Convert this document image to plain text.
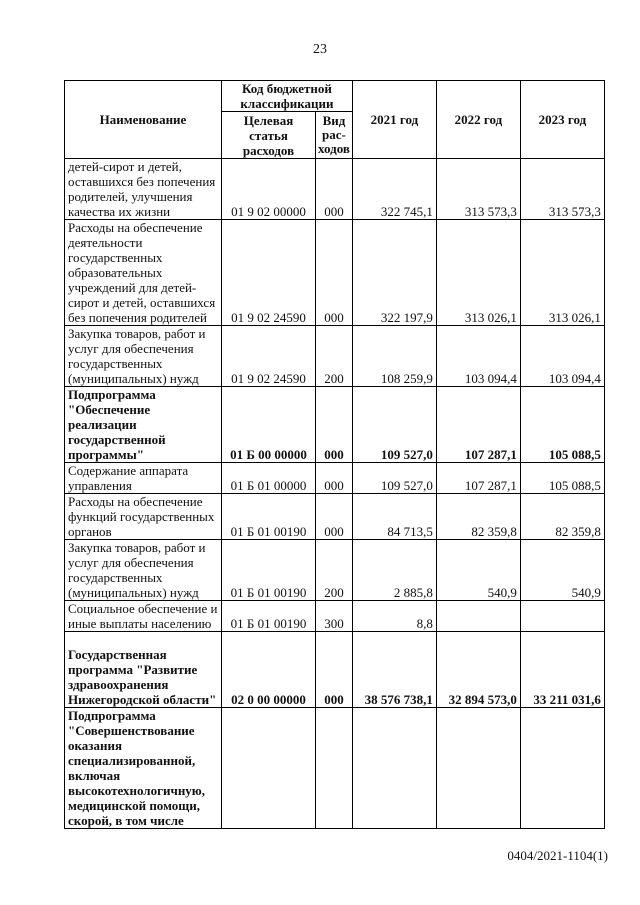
23
Наименование	Код бюджетной классификации		2021 год	2022 год	2023 год
	Целевая статья расходов	Вид рас-ходов			
детей-сирот и детей, оставшихся без попечения родителей, улучшения качества их жизни	01 9 02 00000	000	322 745,1	313 573,3	313 573,3
Расходы на обеспечение деятельности государственных образовательных учреждений для детей-сирот и детей, оставшихся без попечения родителей	01 9 02 24590	000	322 197,9	313 026,1	313 026,1
Закупка товаров, работ и услуг для обеспечения государственных (муниципальных) нужд	01 9 02 24590	200	108 259,9	103 094,4	103 094,4
Подпрограмма "Обеспечение реализации государственной программы"	01 Б 00 00000	000	109 527,0	107 287,1	105 088,5
Содержание аппарата управления	01 Б 01 00000	000	109 527,0	107 287,1	105 088,5
Расходы на обеспечение функций государственных органов	01 Б 01 00190	000	84 713,5	82 359,8	82 359,8
Закупка товаров, работ и услуг для обеспечения государственных (муниципальных) нужд	01 Б 01 00190	200	2 885,8	540,9	540,9
Социальное обеспечение и иные выплаты населению	01 Б 01 00190	300	8,8		
Государственная программа "Развитие здравоохранения Нижегородской области"	02 0 00 00000	000	38 576 738,1	32 894 573,0	33 211 031,6
Подпрограмма "Совершенствование оказания специализированной, включая высокотехнологичную, медицинской помощи, скорой, в том числе					
0404/2021-1104(1)
